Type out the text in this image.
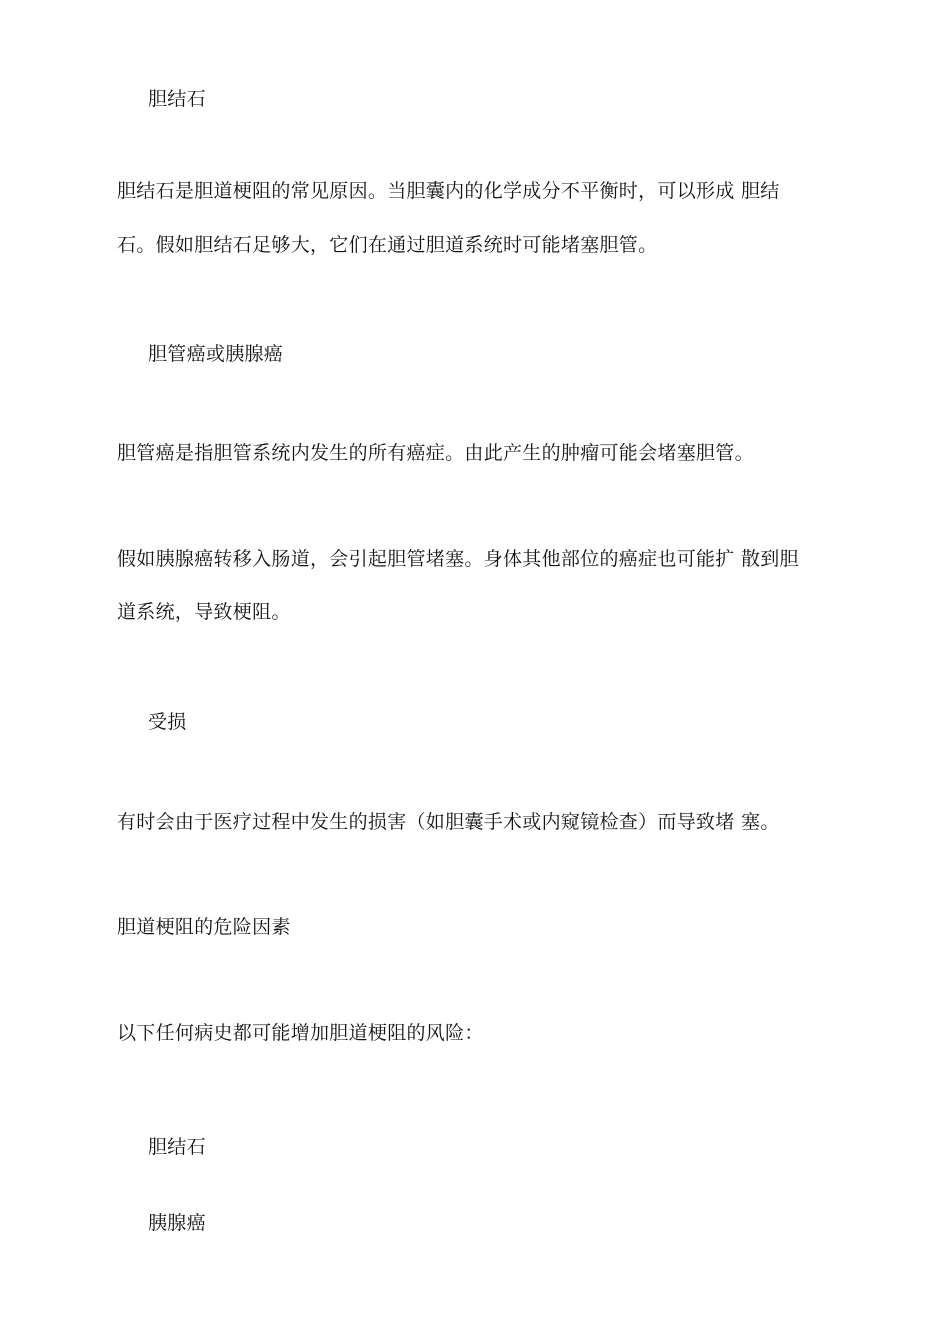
胆结石

胆结石是胆道梗阻的常见原因。当胆囊内的化学成分不平衡时，可以形成 胆结

石。假如胆结石足够大，它们在通过胆道系统时可能堵塞胆管。

胆管癌或胰腺癌

胆管癌是指胆管系统内发生的所有癌症。由此产生的肿瘤可能会堵塞胆管。

假如胰腺癌转移入肠道，会引起胆管堵塞。身体其他部位的癌症也可能扩 散到胆

道系统，导致梗阻。

受损

有时会由于医疗过程中发生的损害（如胆囊手术或内窥镜检查）而导致堵 塞。

胆道梗阻的危险因素

以下任何病史都可能增加胆道梗阻的风险：

胆结石

胰腺癌
